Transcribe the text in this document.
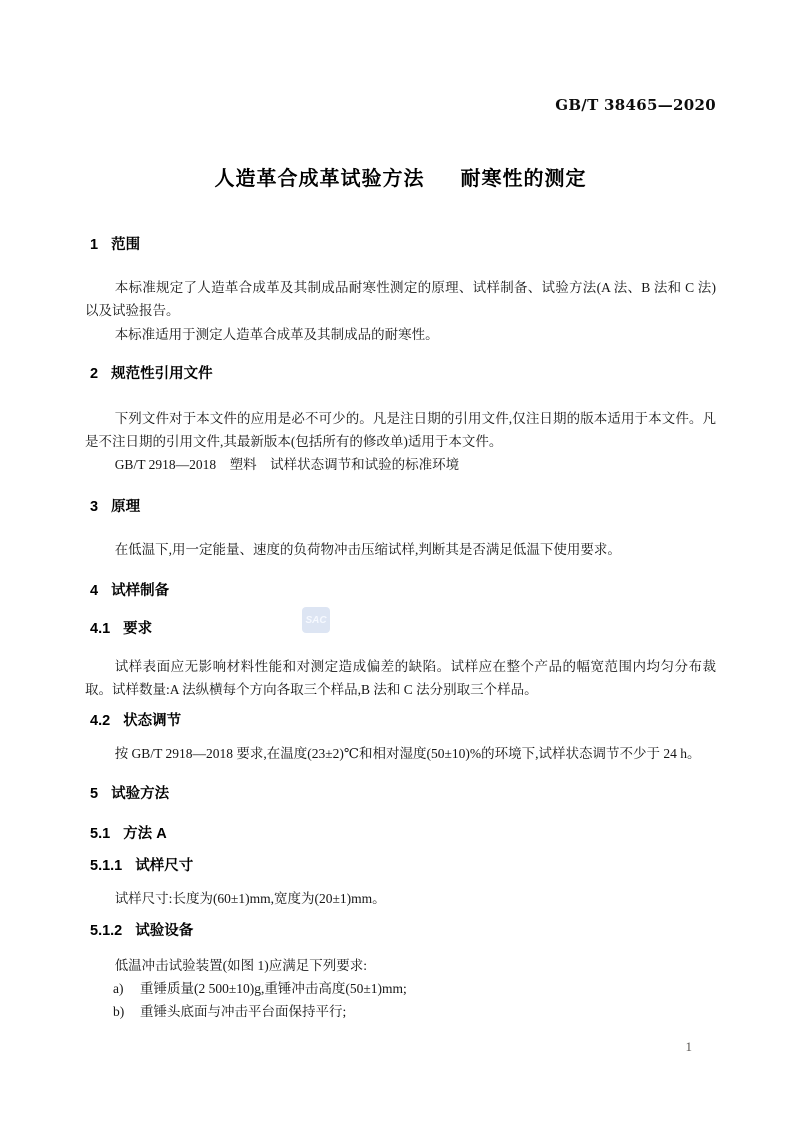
GB/T 38465—2020
人造革合成革试验方法 耐寒性的测定
1 范围

本标准规定了人造革合成革及其制成品耐寒性测定的原理、试样制备、试验方法(A 法、B 法和 C 法)以及试验报告。

本标准适用于测定人造革合成革及其制成品的耐寒性。

2 规范性引用文件

下列文件对于本文件的应用是必不可少的。凡是注日期的引用文件,仅注日期的版本适用于本文件。凡是不注日期的引用文件,其最新版本(包括所有的修改单)适用于本文件。

GB/T 2918—2018　塑料　试样状态调节和试验的标准环境

3 原理

在低温下,用一定能量、速度的负荷物冲击压缩试样,判断其是否满足低温下使用要求。

4 试样制备
4.1 要求

试样表面应无影响材料性能和对测定造成偏差的缺陷。试样应在整个产品的幅宽范围内均匀分布裁取。试样数量:A 法纵横每个方向各取三个样品,B 法和 C 法分别取三个样品。

4.2 状态调节

按 GB/T 2918—2018 要求,在温度(23±2)℃和相对湿度(50±10)%的环境下,试样状态调节不少于 24 h。

5 试验方法
5.1 方法 A
5.1.1 试样尺寸

试样尺寸:长度为(60±1)mm,宽度为(20±1)mm。

5.1.2 试验设备

低温冲击试验装置(如图 1)应满足下列要求:

a) 重锤质量(2 500±10)g,重锤冲击高度(50±1)mm;

b) 重锤头底面与冲击平台面保持平行;

SAC
1
